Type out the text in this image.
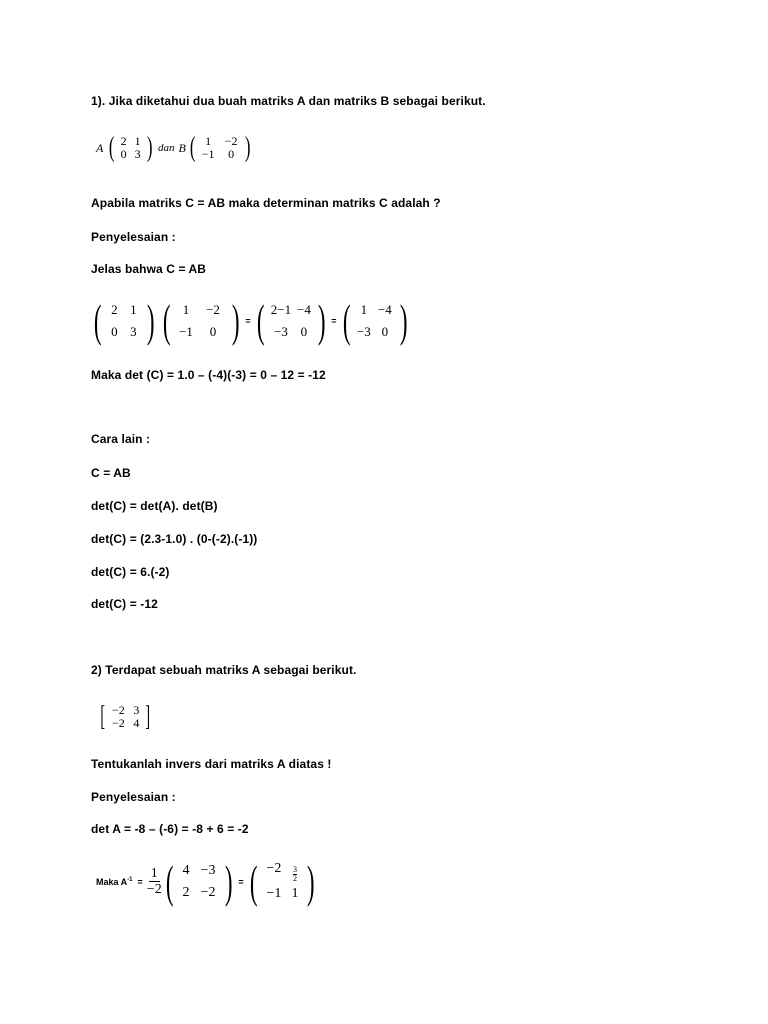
1). Jika diketahui dua buah matriks A dan matriks B sebagai berikut.
A ( 2 1
0 3 ) dan B ( 1	−2
−1	0 )
Apabila matriks C = AB maka determinan matriks C adalah ?
Penyelesaian :
Jelas bahwa C = AB
( 2 1
0 3 ) ( 1	−2
−1	0 ) = ( 2−1 −4
−3 0 ) = ( 1 −4
−3 0 )
Maka det (C) = 1.0 – (-4)(-3) = 0 – 12 = -12
Cara lain :
C = AB
det(C) = det(A). det(B)
det(C) = (2.3-1.0) . (0-(-2).(-1))
det(C) = 6.(-2)
det(C) = -12
2) Terdapat sebuah matriks A sebagai berikut.
[ −2 3
−2 4 ]
Tentukanlah invers dari matriks A diatas !
Penyelesaian :
det A = -8 – (-6) = -8 + 6 = -2
Maka $A^{-1} = \frac{1}{-2}$ ( 4 −3
2 −2 ) = ( −2	$\frac{3}{2}$
−1 1 )
